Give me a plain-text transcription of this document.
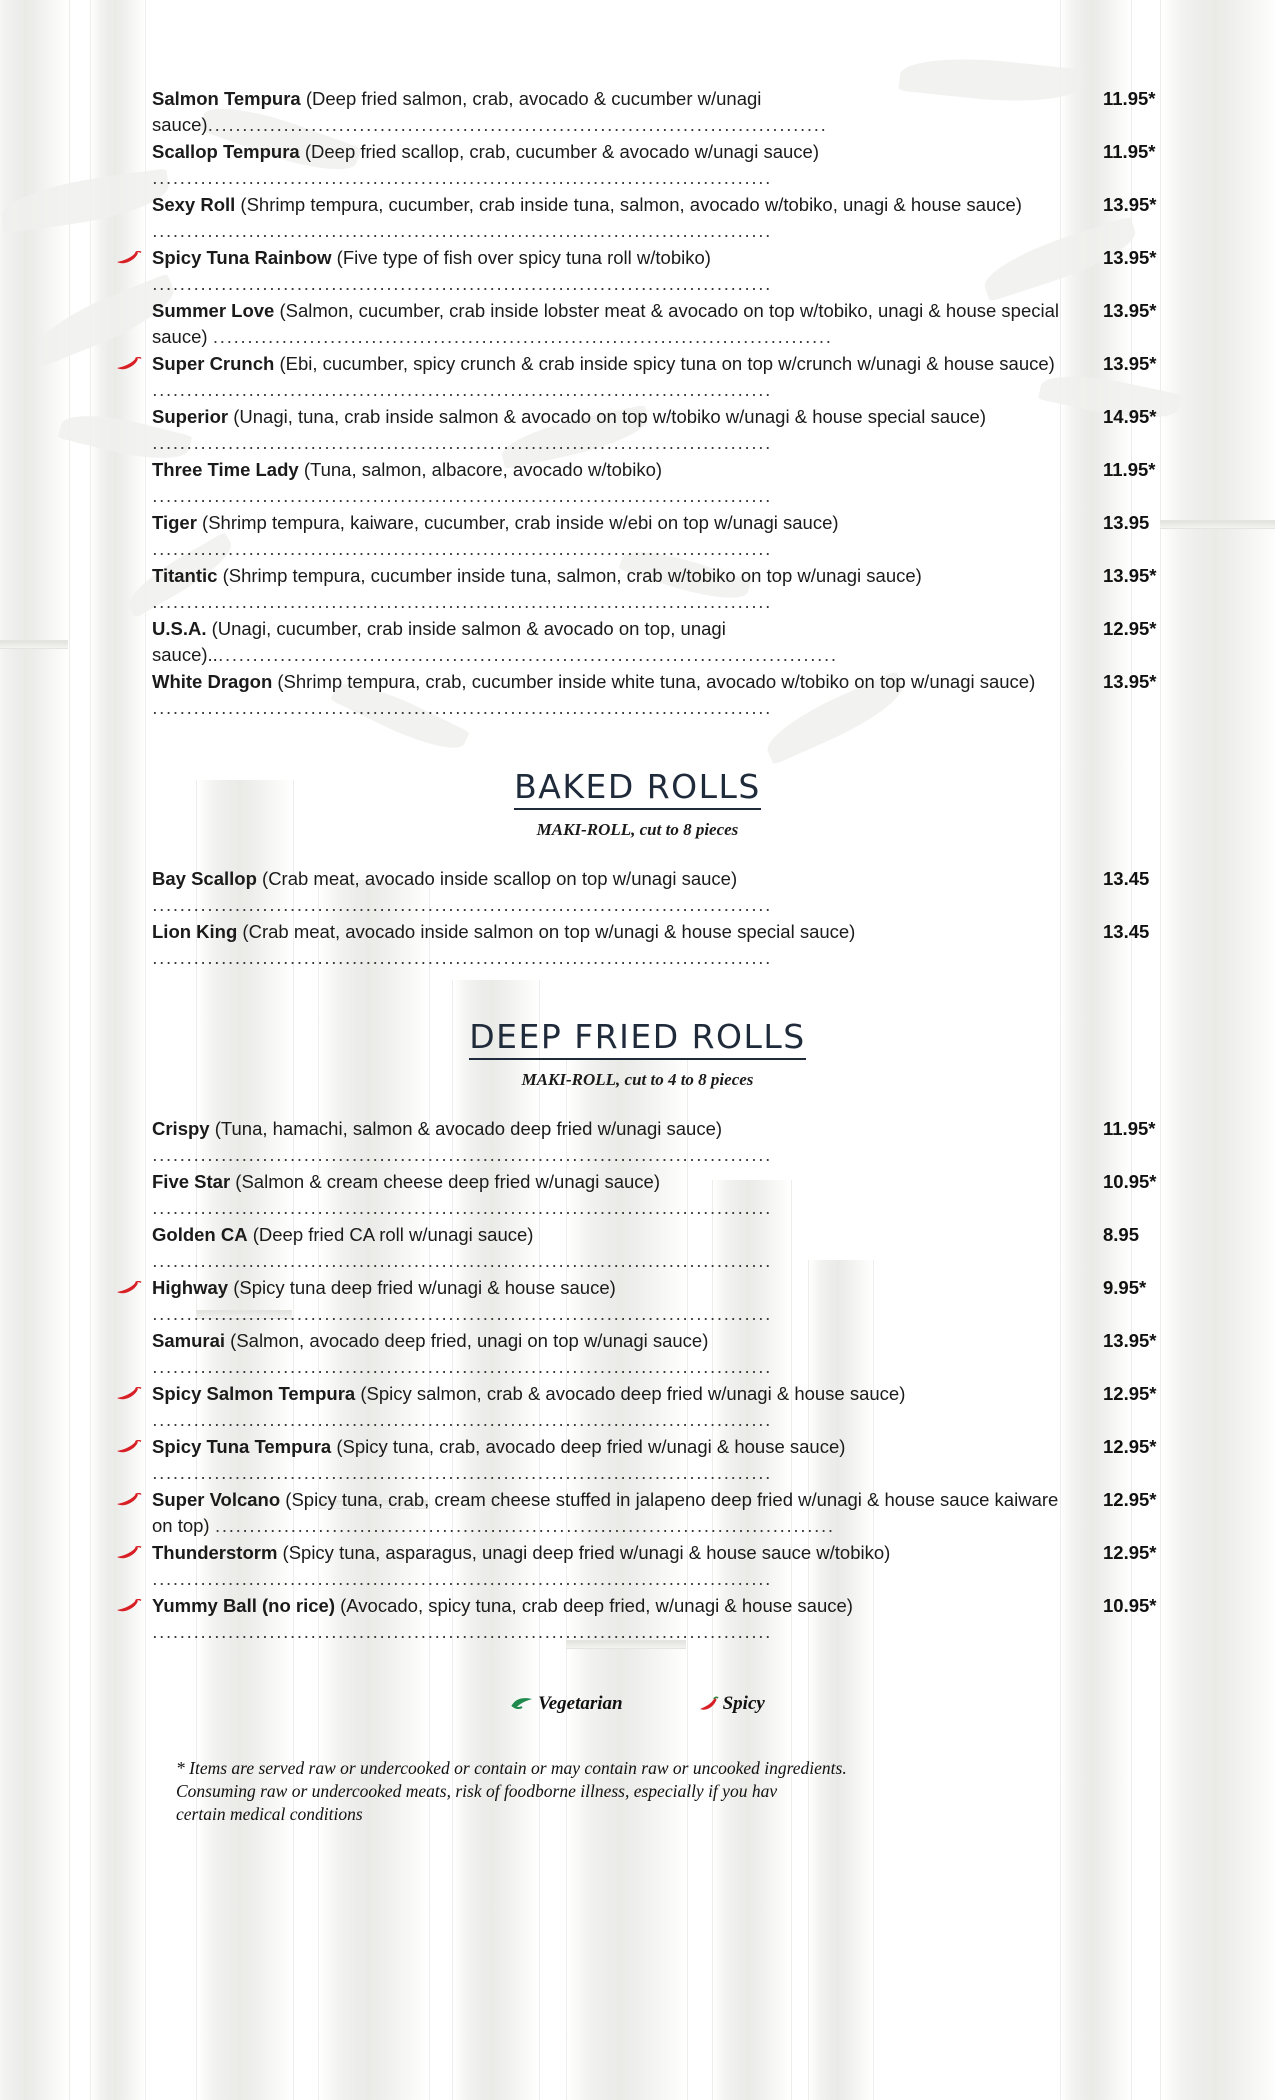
Salmon Tempura (Deep fried salmon, crab, avocado & cucumber w/unagi sauce)․․․․․․․․․․․․․․․․․․․․․․․․․․․․․․․․․․․․․․․․․․․․․․․․․․․․․․․․․․․․․․․․․․․․․․․․․․․․․․․․․․․․․․․․․․
11.95*
Scallop Tempura (Deep fried scallop, crab, cucumber & avocado w/unagi sauce) ․․․․․․․․․․․․․․․․․․․․․․․․․․․․․․․․․․․․․․․․․․․․․․․․․․․․․․․․․․․․․․․․․․․․․․․․․․․․․․․․․․․․․․․․․․
11.95*
Sexy Roll (Shrimp tempura, cucumber, crab inside tuna, salmon, avocado w/tobiko, unagi & house sauce) ․․․․․․․․․․․․․․․․․․․․․․․․․․․․․․․․․․․․․․․․․․․․․․․․․․․․․․․․․․․․․․․․․․․․․․․․․․․․․․․․․․․․․․․․․․
13.95*
Spicy Tuna Rainbow (Five type of fish over spicy tuna roll w/tobiko) ․․․․․․․․․․․․․․․․․․․․․․․․․․․․․․․․․․․․․․․․․․․․․․․․․․․․․․․․․․․․․․․․․․․․․․․․․․․․․․․․․․․․․․․․․․
13.95*
Summer Love (Salmon, cucumber, crab inside lobster meat & avocado on top w/tobiko, unagi & house special sauce) ․․․․․․․․․․․․․․․․․․․․․․․․․․․․․․․․․․․․․․․․․․․․․․․․․․․․․․․․․․․․․․․․․․․․․․․․․․․․․․․․․․․․․․․․․․
13.95*
Super Crunch (Ebi, cucumber, spicy crunch & crab inside spicy tuna on top w/crunch w/unagi & house sauce) ․․․․․․․․․․․․․․․․․․․․․․․․․․․․․․․․․․․․․․․․․․․․․․․․․․․․․․․․․․․․․․․․․․․․․․․․․․․․․․․․․․․․․․․․․․
13.95*
Superior (Unagi, tuna, crab inside salmon & avocado on top w/tobiko w/unagi & house special sauce) ․․․․․․․․․․․․․․․․․․․․․․․․․․․․․․․․․․․․․․․․․․․․․․․․․․․․․․․․․․․․․․․․․․․․․․․․․․․․․․․․․․․․․․․․․․
14.95*
Three Time Lady (Tuna, salmon, albacore, avocado w/tobiko) ․․․․․․․․․․․․․․․․․․․․․․․․․․․․․․․․․․․․․․․․․․․․․․․․․․․․․․․․․․․․․․․․․․․․․․․․․․․․․․․․․․․․․․․․․․
11.95*
Tiger (Shrimp tempura, kaiware, cucumber, crab inside w/ebi on top w/unagi sauce) ․․․․․․․․․․․․․․․․․․․․․․․․․․․․․․․․․․․․․․․․․․․․․․․․․․․․․․․․․․․․․․․․․․․․․․․․․․․․․․․․․․․․․․․․․․
13.95
Titantic (Shrimp tempura, cucumber inside tuna, salmon, crab w/tobiko on top w/unagi sauce) ․․․․․․․․․․․․․․․․․․․․․․․․․․․․․․․․․․․․․․․․․․․․․․․․․․․․․․․․․․․․․․․․․․․․․․․․․․․․․․․․․․․․․․․․․․
13.95*
U.S.A. (Unagi, cucumber, crab inside salmon & avocado on top, unagi sauce)..․․․․․․․․․․․․․․․․․․․․․․․․․․․․․․․․․․․․․․․․․․․․․․․․․․․․․․․․․․․․․․․․․․․․․․․․․․․․․․․․․․․․․․․․․․
12.95*
White Dragon (Shrimp tempura, crab, cucumber inside white tuna, avocado w/tobiko on top w/unagi sauce) ․․․․․․․․․․․․․․․․․․․․․․․․․․․․․․․․․․․․․․․․․․․․․․․․․․․․․․․․․․․․․․․․․․․․․․․․․․․․․․․․․․․․․․․․․․
13.95*
BAKED ROLLS
MAKI-ROLL, cut to 8 pieces
Bay Scallop (Crab meat, avocado inside scallop on top w/unagi sauce) ․․․․․․․․․․․․․․․․․․․․․․․․․․․․․․․․․․․․․․․․․․․․․․․․․․․․․․․․․․․․․․․․․․․․․․․․․․․․․․․․․․․․․․․․․․
13.45
Lion King (Crab meat, avocado inside salmon on top w/unagi & house special sauce) ․․․․․․․․․․․․․․․․․․․․․․․․․․․․․․․․․․․․․․․․․․․․․․․․․․․․․․․․․․․․․․․․․․․․․․․․․․․․․․․․․․․․․․․․․․
13.45
DEEP FRIED ROLLS
MAKI-ROLL, cut to 4 to 8 pieces
Crispy (Tuna, hamachi, salmon & avocado deep fried w/unagi sauce) ․․․․․․․․․․․․․․․․․․․․․․․․․․․․․․․․․․․․․․․․․․․․․․․․․․․․․․․․․․․․․․․․․․․․․․․․․․․․․․․․․․․․․․․․․․
11.95*
Five Star (Salmon & cream cheese deep fried w/unagi sauce) ․․․․․․․․․․․․․․․․․․․․․․․․․․․․․․․․․․․․․․․․․․․․․․․․․․․․․․․․․․․․․․․․․․․․․․․․․․․․․․․․․․․․․․․․․․
10.95*
Golden CA (Deep fried CA roll w/unagi sauce) ․․․․․․․․․․․․․․․․․․․․․․․․․․․․․․․․․․․․․․․․․․․․․․․․․․․․․․․․․․․․․․․․․․․․․․․․․․․․․․․․․․․․․․․․․․
8.95
Highway (Spicy tuna deep fried w/unagi & house sauce) ․․․․․․․․․․․․․․․․․․․․․․․․․․․․․․․․․․․․․․․․․․․․․․․․․․․․․․․․․․․․․․․․․․․․․․․․․․․․․․․․․․․․․․․․․․
9.95*
Samurai (Salmon, avocado deep fried, unagi on top w/unagi sauce) ․․․․․․․․․․․․․․․․․․․․․․․․․․․․․․․․․․․․․․․․․․․․․․․․․․․․․․․․․․․․․․․․․․․․․․․․․․․․․․․․․․․․․․․․․․
13.95*
Spicy Salmon Tempura (Spicy salmon, crab & avocado deep fried w/unagi & house sauce) ․․․․․․․․․․․․․․․․․․․․․․․․․․․․․․․․․․․․․․․․․․․․․․․․․․․․․․․․․․․․․․․․․․․․․․․․․․․․․․․․․․․․․․․․․․
12.95*
Spicy Tuna Tempura (Spicy tuna, crab, avocado deep fried w/unagi & house sauce) ․․․․․․․․․․․․․․․․․․․․․․․․․․․․․․․․․․․․․․․․․․․․․․․․․․․․․․․․․․․․․․․․․․․․․․․․․․․․․․․․․․․․․․․․․․
12.95*
Super Volcano (Spicy tuna, crab, cream cheese stuffed in jalapeno deep fried w/unagi & house sauce kaiware on top) ․․․․․․․․․․․․․․․․․․․․․․․․․․․․․․․․․․․․․․․․․․․․․․․․․․․․․․․․․․․․․․․․․․․․․․․․․․․․․․․․․․․․․․․․․․
12.95*
Thunderstorm (Spicy tuna, asparagus, unagi deep fried w/unagi & house sauce w/tobiko) ․․․․․․․․․․․․․․․․․․․․․․․․․․․․․․․․․․․․․․․․․․․․․․․․․․․․․․․․․․․․․․․․․․․․․․․․․․․․․․․․․․․․․․․․․․
12.95*
Yummy Ball (no rice) (Avocado, spicy tuna, crab deep fried, w/unagi & house sauce) ․․․․․․․․․․․․․․․․․․․․․․․․․․․․․․․․․․․․․․․․․․․․․․․․․․․․․․․․․․․․․․․․․․․․․․․․․․․․․․․․․․․․․․․․․․
10.95*
Vegetarian	Spicy

* Items are served raw or undercooked or contain or may contain raw or uncooked ingredients.

Consuming raw or undercooked meats, risk of foodborne illness, especially if you hav

certain medical conditions
